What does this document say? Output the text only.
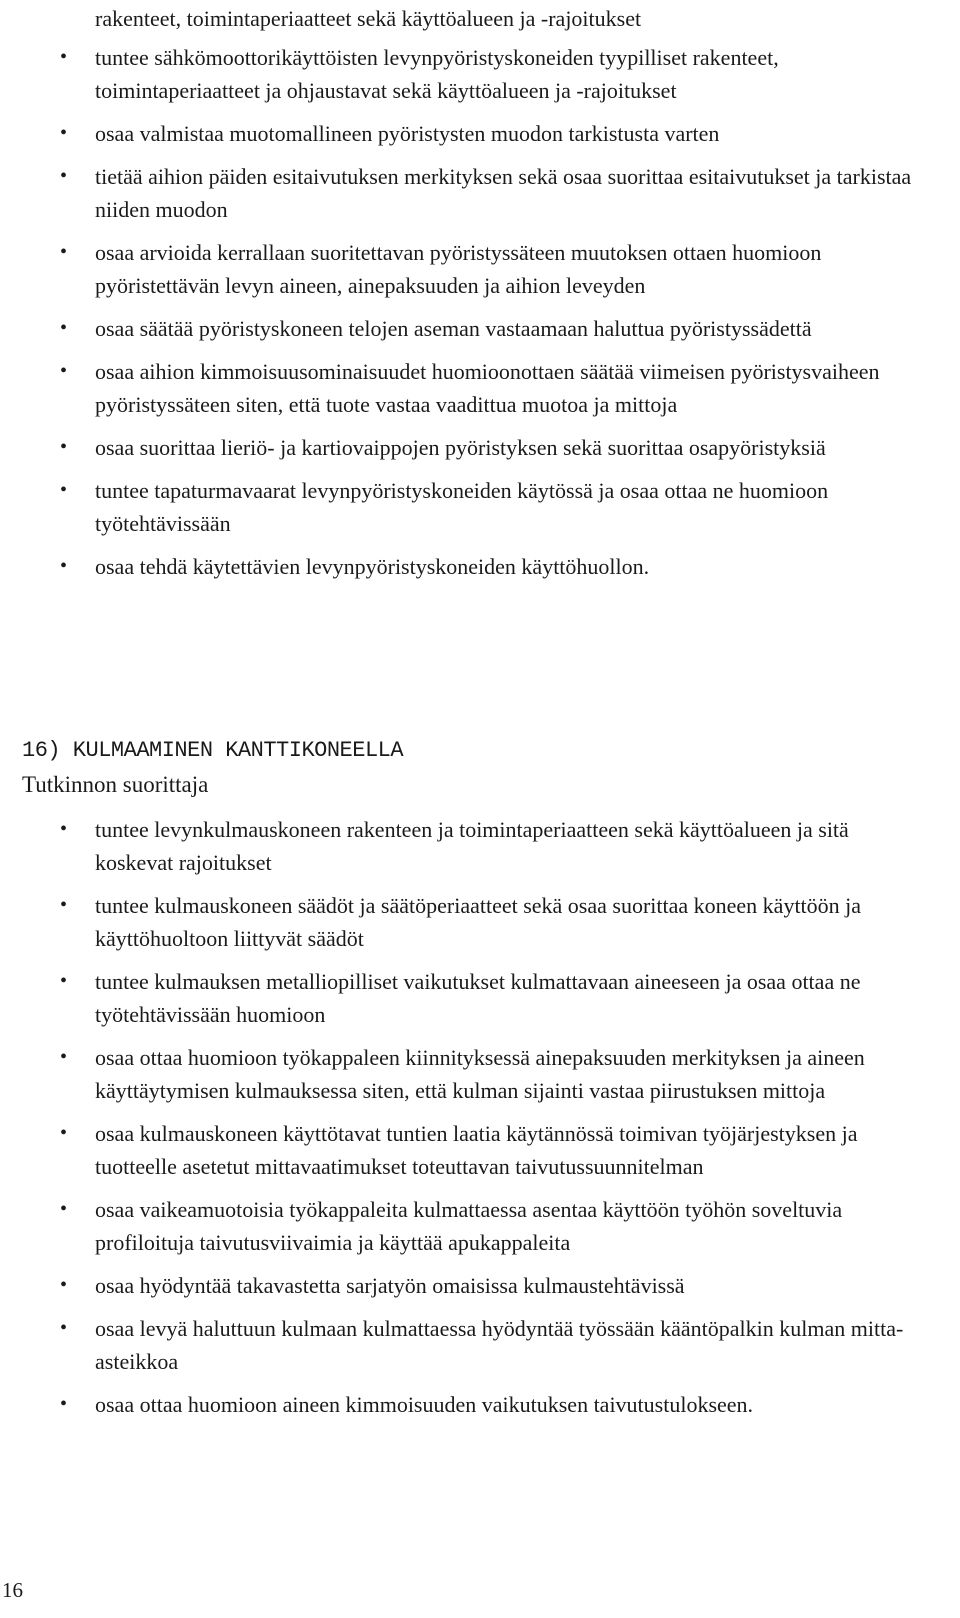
rakenteet, toimintaperiaatteet sekä käyttöalueen ja -rajoitukset
• tuntee sähkömoottorikäyttöisten levynpyöristyskoneiden tyypilliset rakenteet, toimintaperiaatteet ja ohjaustavat sekä käyttöalueen ja -rajoitukset
• osaa valmistaa muotomallineen pyöristysten muodon tarkistusta varten
• tietää aihion päiden esitaivutuksen merkityksen sekä osaa suorittaa esitaivutukset ja tarkistaa niiden muodon
• osaa arvioida kerrallaan suoritettavan pyöristyssäteen muutoksen ottaen huomioon pyöristettävän levyn aineen, ainepaksuuden ja aihion leveyden
• osaa säätää pyöristyskoneen telojen aseman vastaamaan haluttua pyöristyssädettä
• osaa aihion kimmoisuusominaisuudet huomioonottaen säätää viimeisen pyöristysvaiheen pyöristyssäteen siten, että tuote vastaa vaadittua muotoa ja mittoja
• osaa suorittaa lieriö- ja kartiovaippojen pyöristyksen sekä suorittaa osapyöristyksiä
• tuntee tapaturmavaarat levynpyöristyskoneiden käytössä ja osaa ottaa ne huomioon työtehtävissään
• osaa tehdä käytettävien levynpyöristyskoneiden käyttöhuollon.
16) KULMAAMINEN KANTTIKONEELLA
Tutkinnon suorittaja
• tuntee levynkulmauskoneen rakenteen ja toimintaperiaatteen sekä käyttöalueen ja sitä koskevat rajoitukset
• tuntee kulmauskoneen säädöt ja säätöperiaatteet sekä osaa suorittaa koneen käyttöön ja käyttöhuoltoon liittyvät säädöt
• tuntee kulmauksen metalliopilliset vaikutukset kulmattavaan aineeseen ja osaa ottaa ne työtehtävissään huomioon
• osaa ottaa huomioon työkappaleen kiinnityksessä ainepaksuuden merkityksen ja aineen käyttäytymisen kulmauksessa siten, että kulman sijainti vastaa piirustuksen mittoja
• osaa kulmauskoneen käyttötavat tuntien laatia käytännössä toimivan työjärjestyksen ja tuotteelle asetetut mittavaatimukset toteuttavan taivutussuunnitelman
• osaa vaikeamuotoisia työkappaleita kulmattaessa asentaa käyttöön työhön soveltuvia profiloituja taivutusviivaimia ja käyttää apukappaleita
• osaa hyödyntää takavastetta sarjatyön omaisissa kulmaustehtävissä
• osaa levyä haluttuun kulmaan kulmattaessa hyödyntää työssään kääntöpalkin kulman mitta-asteikkoa
• osaa ottaa huomioon aineen kimmoisuuden vaikutuksen taivutustulokseen.
16
